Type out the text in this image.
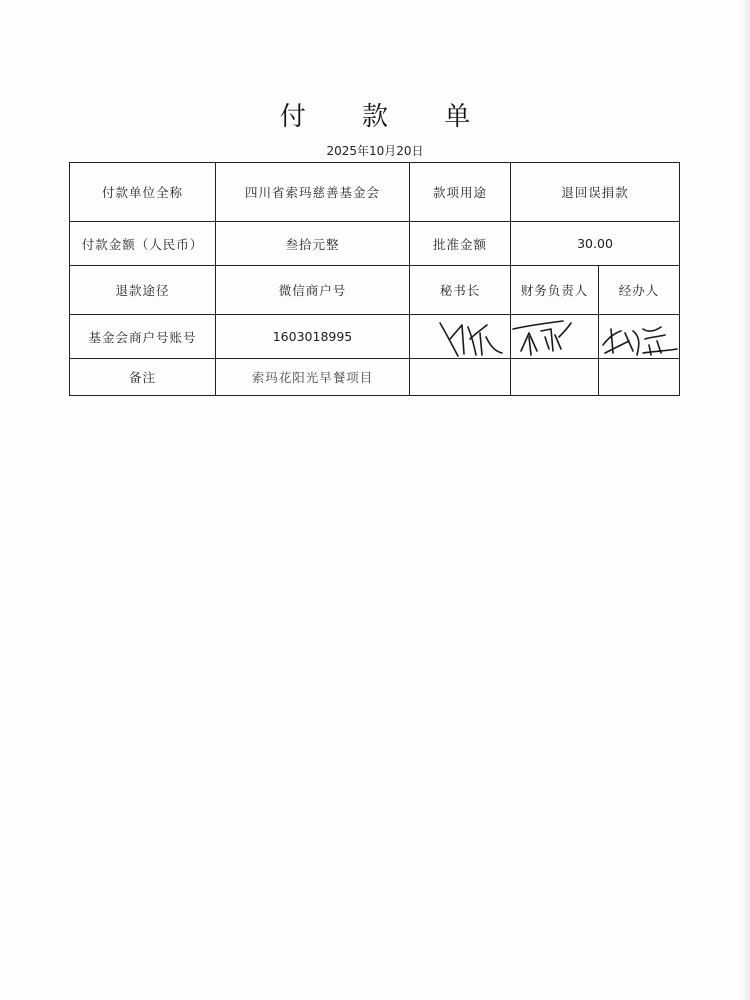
付 款 单
2025年10月20日
付款单位全称	四川省索玛慈善基金会	款项用途	退回误捐款	
付款金额（人民币）	叁拾元整	批准金额	30.00	
退款途径	微信商户号	秘书长	财务负责人	经办人
基金会商户号账号	1603018995	

备注	索玛花阳光早餐项目			
